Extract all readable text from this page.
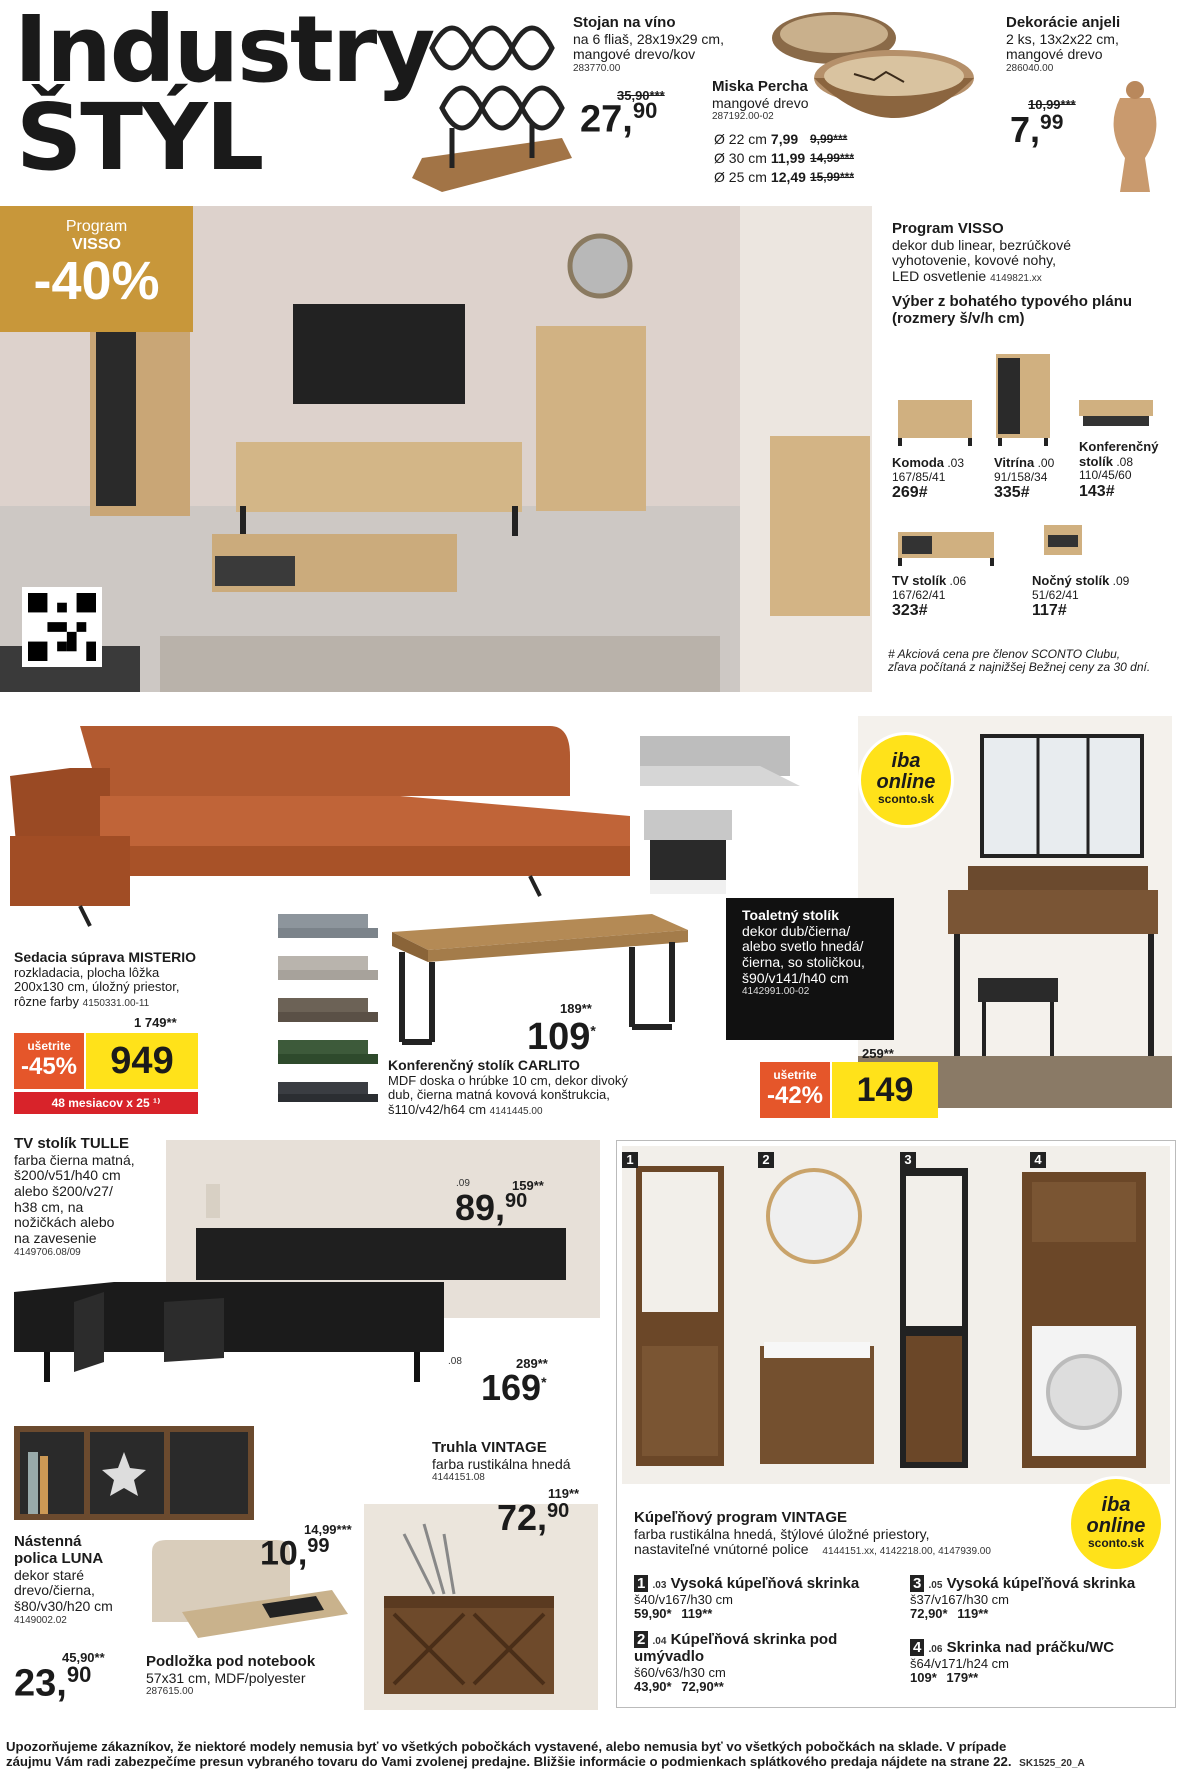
Industry
ŠTÝL
Stojan na víno
na 6 fliaš, 28x19x29 cm,
mangové drevo/kov
283770.00
35,90***
27,90
Miska Percha
mangové drevo
287192.00-02
Ø 22 cm	7,99	9,99***
Ø 30 cm	11,99	14,99***
Ø 25 cm	12,49	15,99***
Dekorácie anjeli
2 ks, 13x2x22 cm,
mangové drevo
286040.00
10,99***
7,99
Program
VISSO
-40%
Program VISSO
dekor dub linear, bezrúčkové
vyhotovenie, kovové nohy,
LED osvetlenie 4149821.xx
Výber z bohatého typového plánu
(rozmery š/v/h cm)
Komoda .03
167/85/41
269#
Vitrína .00
91/158/34
335#
Konferenčný stolík .08
110/45/60
143#
TV stolík .06
167/62/41
323#
Nočný stolík .09
51/62/41
117#
# Akciová cena pre členov SCONTO Clubu,
zľava počítaná z najnižšej Bežnej ceny za 30 dní.
Sedacia súprava MISTERIO
rozkladacia, plocha lôžka
200x130 cm, úložný priestor,
rôzne farby 4150331.00-11
1 749**
ušetrite
-45% 949
48 mesiacov x 25 ¹⁾
189**
109*
Konferenčný stolík CARLITO
MDF doska o hrúbke 10 cm, dekor divoký
dub, čierna matná kovová konštrukcia,
š110/v42/h64 cm 4141445.00
iba
online
sconto.sk
Toaletný stolík
dekor dub/čierna/
alebo svetlo hnedá/
čierna, so stoličkou,
š90/v141/h40 cm
4142991.00-02
259**
ušetrite
-42% 149
TV stolík TULLE
farba čierna matná,
š200/v51/h40 cm
alebo š200/v27/
h38 cm, na
nožičkách alebo
na zavesenie
4149706.08/09
.09	159**
89,90
.08	289**
169*
Nástenná
polica LUNA
dekor staré
drevo/čierna,
š80/v30/h20 cm
4149002.02
45,90**
23,90
14,99***
10,99
Podložka pod notebook
57x31 cm, MDF/polyester
287615.00
Truhla VINTAGE
farba rustikálna hnedá
4144151.08
119**
72,90
1	2	3	4
iba
online
sconto.sk
Kúpeľňový program VINTAGE
farba rustikálna hnedá, štýlové úložné priestory,
nastaviteľné vnútorné police 4144151.xx, 4142218.00, 4147939.00
1 .03 Vysoká kúpeľňová skrinka
š40/v167/h30 cm
59,90* 119**
2 .04 Kúpeľňová skrinka pod umývadlo
š60/v63/h30 cm
43,90* 72,90**
3 .05 Vysoká kúpeľňová skrinka
š37/v167/h30 cm
72,90* 119**
4 .06 Skrinka nad práčku/WC
š64/v171/h24 cm
109* 179**
Upozorňujeme zákazníkov, že niektoré modely nemusia byť vo všetkých pobočkách vystavené, alebo nemusia byť vo všetkých pobočkách na sklade. V prípade
záujmu Vám radi zabezpečíme presun vybraného tovaru do Vami zvolenej predajne. Bližšie informácie o podmienkach splátkového predaja nájdete na strane 22. SK1525_20_A
